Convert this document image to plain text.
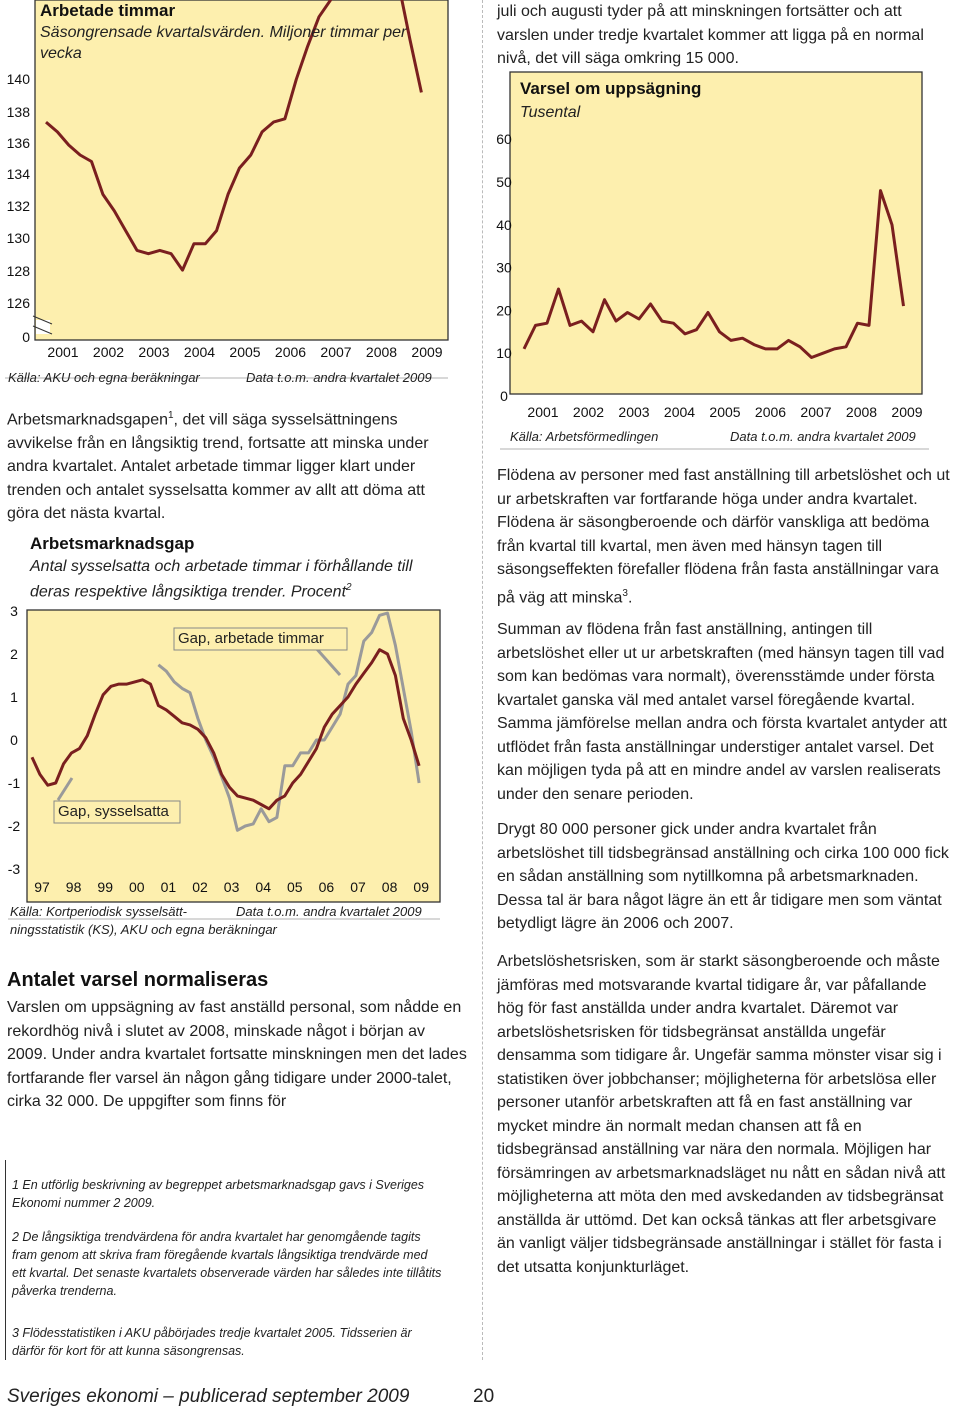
0
126
128
130
132
134
136
138
140
2001 2002 2003 2004 2005 2006 2007 2008 2009
Arbetade timmar
Säsongrensade kvartalsvärden. Miljoner timmar per vecka
Källa: AKU och egna beräkningar	Data t.o.m. andra kvartalet 2009

Arbetsmarknadsgapen$^1$, det vill säga sysselsättningens avvikelse från en långsiktig trend, fortsatte att minska under andra kvartalet. Antalet arbetade timmar ligger klart under trenden och antalet sysselsatta kommer av allt att döma att göra det nästa kvartal.

3
2
1
0
-1
-2
-3
97 98 99 00 01 02 03 04 05 06 07 08 09
Arbetsmarknadsgap
Antal sysselsatta och arbetade timmar i förhållande till deras respektive långsiktiga trender. Procent$^2$
Gap, arbetade timmar
Gap, sysselsatta
Källa: Kortperiodisk sysselsätt-
ningsstatistik (KS), AKU och egna beräkningar
Data t.o.m. andra kvartalet 2009
Antalet varsel normaliseras

Varslen om uppsägning av fast anställd personal, som nådde en rekordhög nivå i slutet av 2008, minskade något i början av 2009. Under andra kvartalet fortsatte minskningen men det lades fortfarande fler varsel än någon gång tidigare under 2000-talet, cirka 32 000. De uppgifter som finns för

1 En utförlig beskrivning av begreppet arbetsmarknadsgap gavs i Sveriges Ekonomi nummer 2 2009.

2 De långsiktiga trendvärdena för andra kvartalet har genomgående tagits fram genom att skriva fram föregående kvartals långsiktiga trendvärde med ett kvartal. Det senaste kvartalets observerade värden har således inte tillåtits påverka trenderna.

3 Flödesstatistiken i AKU påbörjades tredje kvartalet 2005. Tidsserien är därför för kort för att kunna säsongrensas.

juli och augusti tyder på att minskningen fortsätter och att varslen under tredje kvartalet kommer att ligga på en normal nivå, det vill säga omkring 15 000.

0
10
20
30
40
50
60
2001 2002 2003 2004 2005 2006 2007 2008 2009
Varsel om uppsägning
Tusental
Källa: Arbetsförmedlingen	Data t.o.m. andra kvartalet 2009

Flödena av personer med fast anställning till arbetslöshet och ut ur arbetskraften var fortfarande höga under andra kvartalet. Flödena är säsongberoende och därför vanskliga att bedöma från kvartal till kvartal, men även med hänsyn tagen till säsongseffekten förefaller flödena från fasta anställningar vara på väg att minska$^3$.

Summan av flödena från fast anställning, antingen till arbetslöshet eller ut ur arbetskraften (med hänsyn tagen till vad som kan bedömas vara normalt), överensstämde under första kvartalet ganska väl med antalet varsel föregående kvartal. Samma jämförelse mellan andra och första kvartalet antyder att utflödet från fasta anställningar understiger antalet varsel. Det kan möjligen tyda på att en mindre andel av varslen realiserats under den senare perioden.

Drygt 80 000 personer gick under andra kvartalet från arbetslöshet till tidsbegränsad anställning och cirka 100 000 fick en sådan anställning som nytillkomna på arbetsmarknaden. Dessa tal är bara något lägre än ett år tidigare men som väntat betydligt lägre än 2006 och 2007.

Arbetslöshetsrisken, som är starkt säsongberoende och måste jämföras med motsvarande kvartal tidigare år, var påfallande hög för fast anställda under andra kvartalet. Däremot var arbetslöshetsrisken för tidsbegränsat anställda ungefär densamma som tidigare år. Ungefär samma mönster visar sig i statistiken över jobbchanser; möjligheterna för arbetslösa eller personer utanför arbetskraften att få en fast anställning var mycket mindre än normalt medan chansen att få en tidsbegränsad anställning var nära den normala. Möjligen har försämringen av arbetsmarknadsläget nu nått en sådan nivå att möjligheterna att möta den med avskedanden av tidsbegränsat anställda är uttömd. Det kan också tänkas att fler arbetsgivare än vanligt väljer tidsbegränsade anställningar i stället för fasta i det utsatta konjunkturläget.

Sveriges ekonomi – publicerad september 2009	20
